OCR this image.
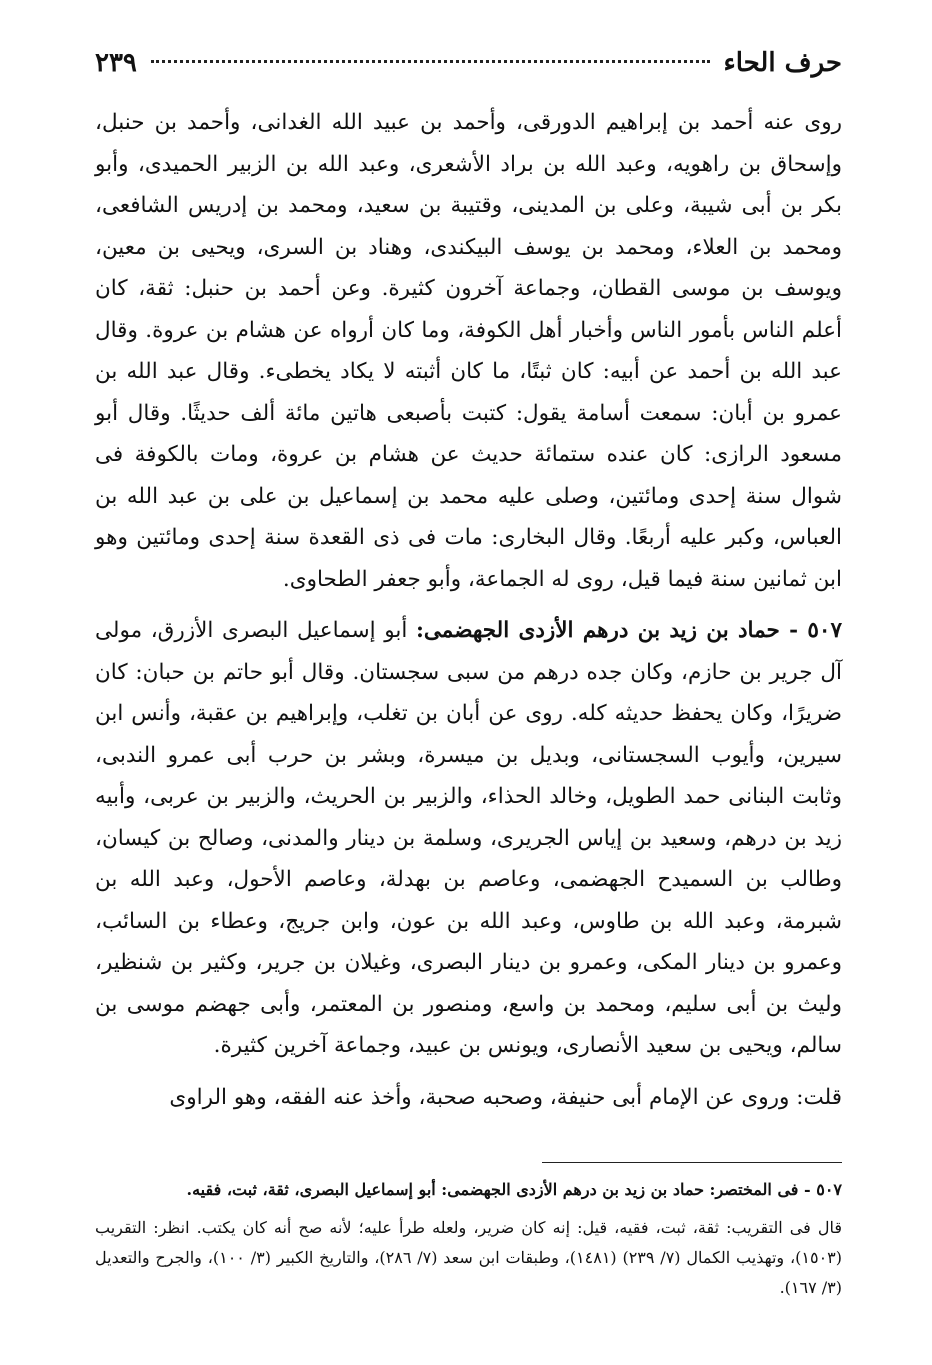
حرف الحاء
٢٣٩

روى عنه أحمد بن إبراهيم الدورقى، وأحمد بن عبيد الله الغدانى، وأحمد بن حنبل، وإسحاق بن راهويه، وعبد الله بن براد الأشعرى، وعبد الله بن الزبير الحميدى، وأبو بكر بن أبى شيبة، وعلى بن المدينى، وقتيبة بن سعيد، ومحمد بن إدريس الشافعى، ومحمد بن العلاء، ومحمد بن يوسف البيكندى، وهناد بن السرى، ويحيى بن معين، ويوسف بن موسى القطان، وجماعة آخرون كثيرة. وعن أحمد بن حنبل: ثقة، كان أعلم الناس بأمور الناس وأخبار أهل الكوفة، وما كان أرواه عن هشام بن عروة. وقال عبد الله بن أحمد عن أبيه: كان ثبتًا، ما كان أثبته لا يكاد يخطىء. وقال عبد الله بن عمرو بن أبان: سمعت أسامة يقول: كتبت بأصبعى هاتين مائة ألف حديثًا. وقال أبو مسعود الرازى: كان عنده ستمائة حديث عن هشام بن عروة، ومات بالكوفة فى شوال سنة إحدى ومائتين، وصلى عليه محمد بن إسماعيل بن على بن عبد الله بن العباس، وكبر عليه أربعًا. وقال البخارى: مات فى ذى القعدة سنة إحدى ومائتين وهو ابن ثمانين سنة فيما قيل، روى له الجماعة، وأبو جعفر الطحاوى.

٥٠٧ - حماد بن زيد بن درهم الأزدى الجهضمى: أبو إسماعيل البصرى الأزرق، مولى آل جرير بن حازم، وكان جده درهم من سبى سجستان. وقال أبو حاتم بن حبان: كان ضريرًا، وكان يحفظ حديثه كله. روى عن أبان بن تغلب، وإبراهيم بن عقبة، وأنس ابن سيرين، وأيوب السجستانى، وبديل بن ميسرة، وبشر بن حرب أبى عمرو الندبى، وثابت البنانى حمد الطويل، وخالد الحذاء، والزبير بن الحريث، والزبير بن عربى، وأبيه زيد بن درهم، وسعيد بن إياس الجريرى، وسلمة بن دينار والمدنى، وصالح بن كيسان، وطالب بن السميدح الجهضمى، وعاصم بن بهدلة، وعاصم الأحول، وعبد الله بن شبرمة، وعبد الله بن طاوس، وعبد الله بن عون، وابن جريج، وعطاء بن السائب، وعمرو بن دينار المكى، وعمرو بن دينار البصرى، وغيلان بن جرير، وكثير بن شنظير، وليث بن أبى سليم، ومحمد بن واسع، ومنصور بن المعتمر، وأبى جهضم موسى بن سالم، ويحيى بن سعيد الأنصارى، ويونس بن عبيد، وجماعة آخرين كثيرة.

قلت: وروى عن الإمام أبى حنيفة، وصحبه صحبة، وأخذ عنه الفقه، وهو الراوى

٥٠٧ - فى المختصر: حماد بن زيد بن درهم الأزدى الجهضمى: أبو إسماعيل البصرى، ثقة، ثبت، فقيه.

قال فى التقريب: ثقة، ثبت، فقيه، قيل: إنه كان ضرير، ولعله طرأ عليه؛ لأنه صح أنه كان يكتب. انظر: التقريب (١٥٠٣)، وتهذيب الكمال (٧/ ٢٣٩) (١٤٨١)، وطبقات ابن سعد (٧/ ٢٨٦)، والتاريخ الكبير (٣/ ١٠٠)، والجرح والتعديل (٣/ ١٦٧).
